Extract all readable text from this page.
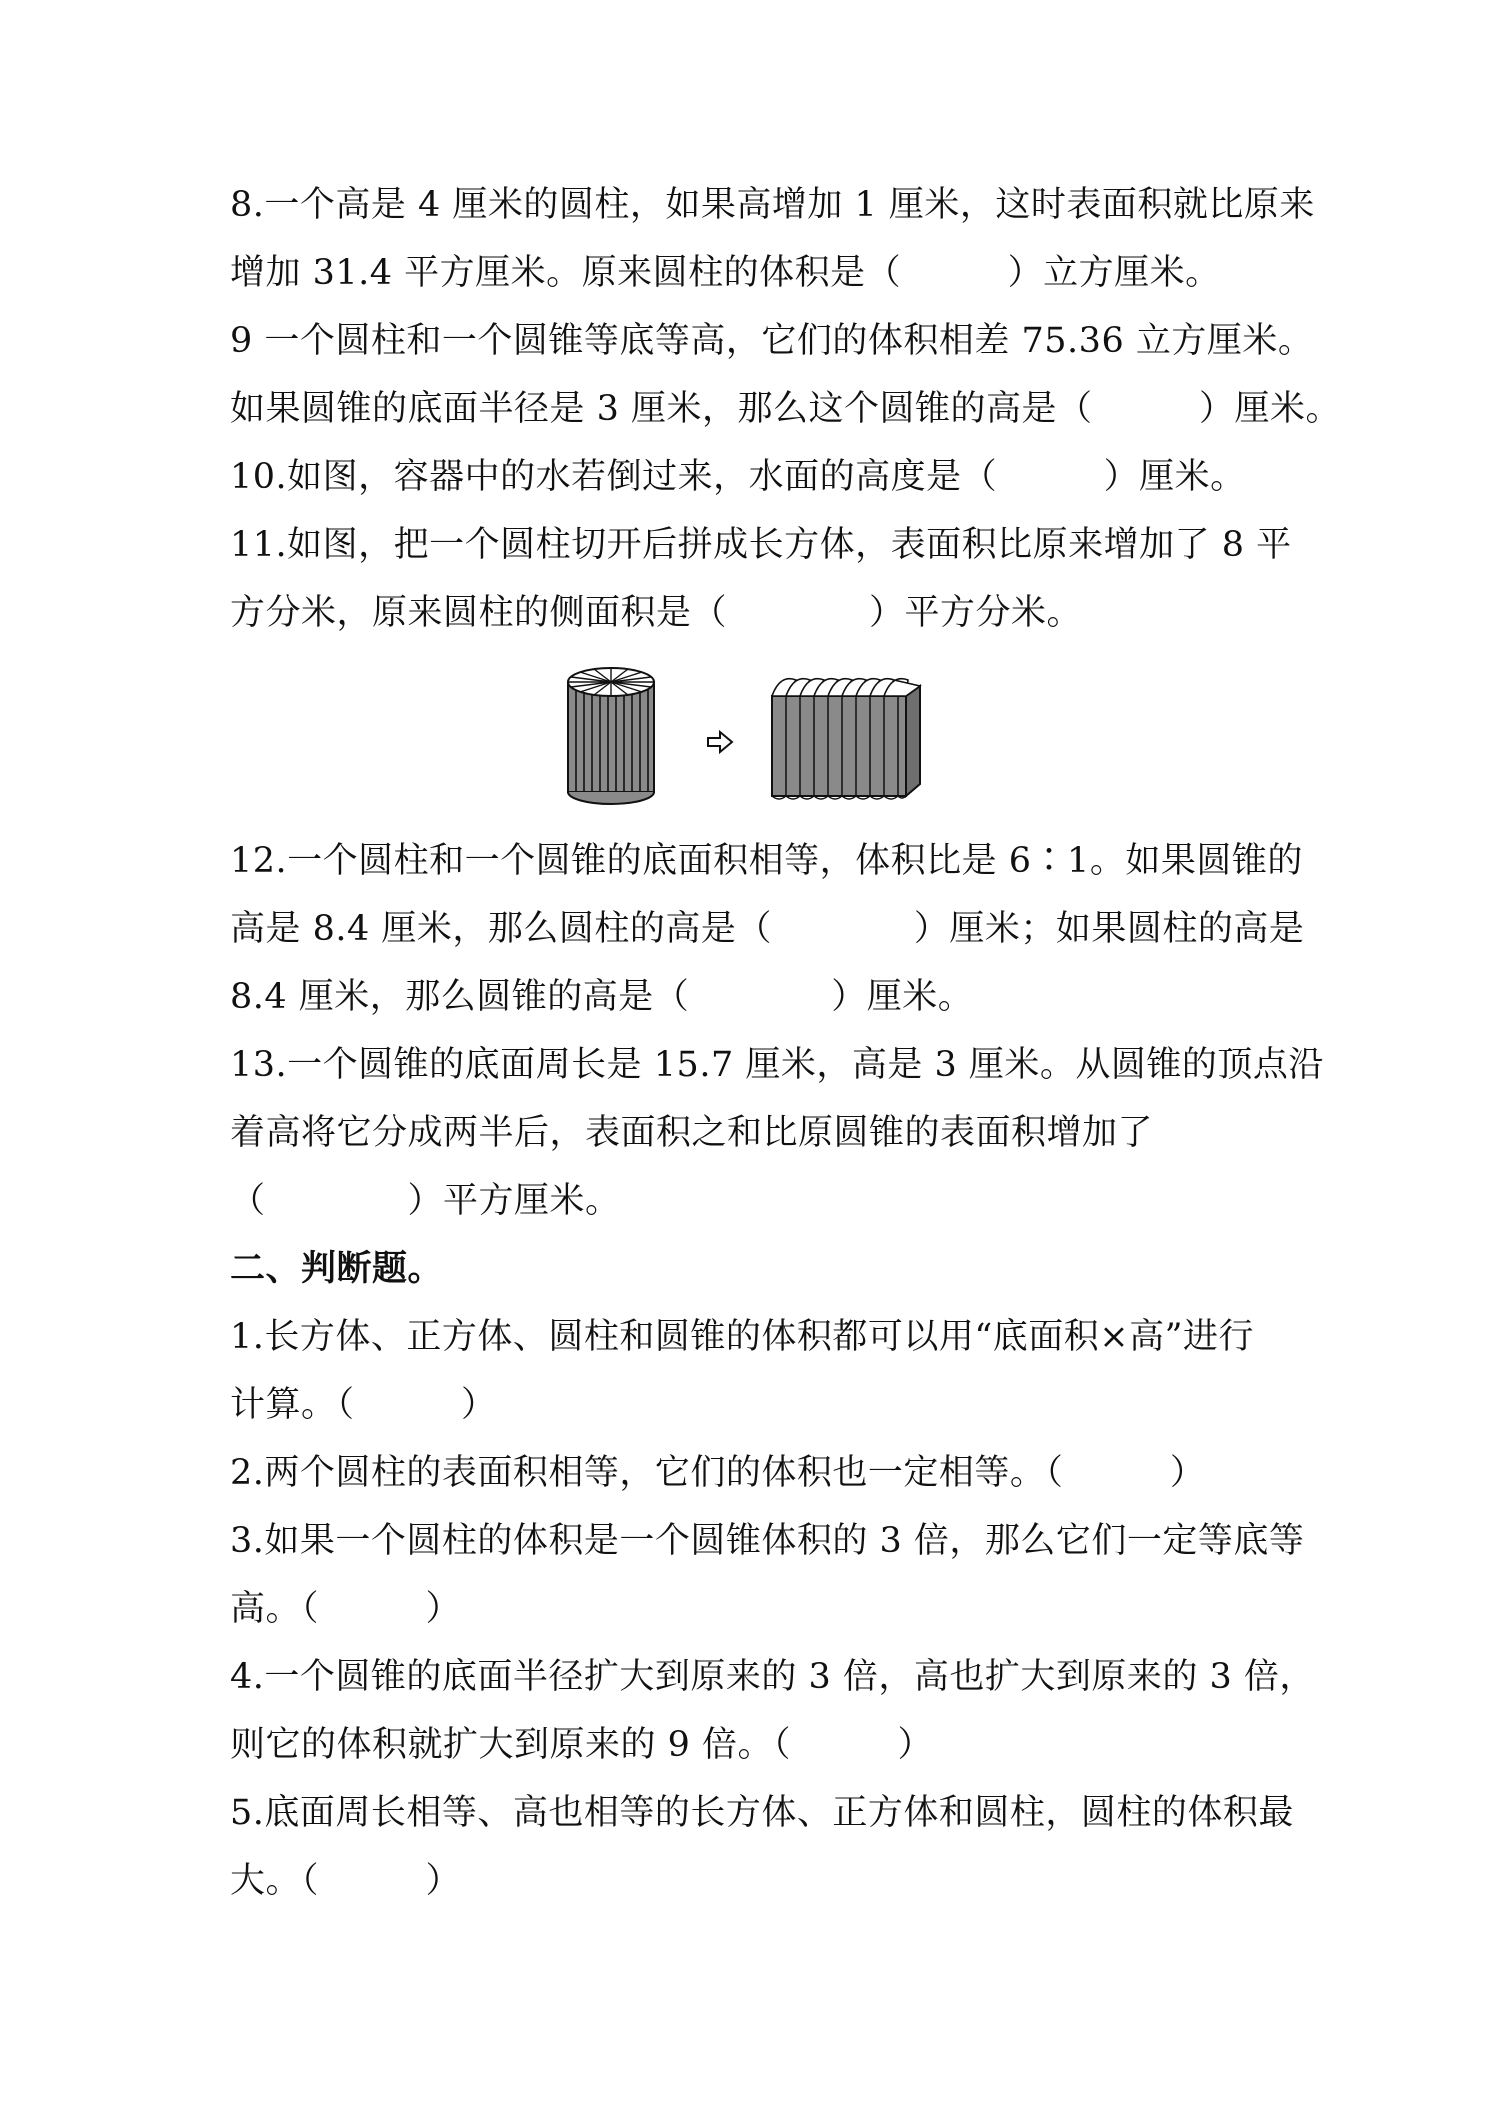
8.一个高是 4 厘米的圆柱，如果高增加 1 厘米，这时表面积就比原来
增加 31.4 平方厘米。原来圆柱的体积是（　　　）立方厘米。
9 一个圆柱和一个圆锥等底等高，它们的体积相差 75.36 立方厘米。
如果圆锥的底面半径是 3 厘米，那么这个圆锥的高是（　　　）厘米。
10.如图，容器中的水若倒过来，水面的高度是（　　　）厘米。
11.如图，把一个圆柱切开后拼成长方体，表面积比原来增加了 8 平
方分米，原来圆柱的侧面积是（　　　　）平方分米。
12.一个圆柱和一个圆锥的底面积相等，体积比是 6∶1。如果圆锥的
高是 8.4 厘米，那么圆柱的高是（　　　　）厘米；如果圆柱的高是
8.4 厘米，那么圆锥的高是（　　　　）厘米。
13.一个圆锥的底面周长是 15.7 厘米，高是 3 厘米。从圆锥的顶点沿
着高将它分成两半后，表面积之和比原圆锥的表面积增加了
（　　　　）平方厘米。
二、判断题。
1.长方体、正方体、圆柱和圆锥的体积都可以用“底面积×高”进行
计算。（　　　）
2.两个圆柱的表面积相等，它们的体积也一定相等。（　　　）
3.如果一个圆柱的体积是一个圆锥体积的 3 倍，那么它们一定等底等
高。（　　　）
4.一个圆锥的底面半径扩大到原来的 3 倍，高也扩大到原来的 3 倍，
则它的体积就扩大到原来的 9 倍。（　　　）
5.底面周长相等、高也相等的长方体、正方体和圆柱，圆柱的体积最
大。（　　　）
